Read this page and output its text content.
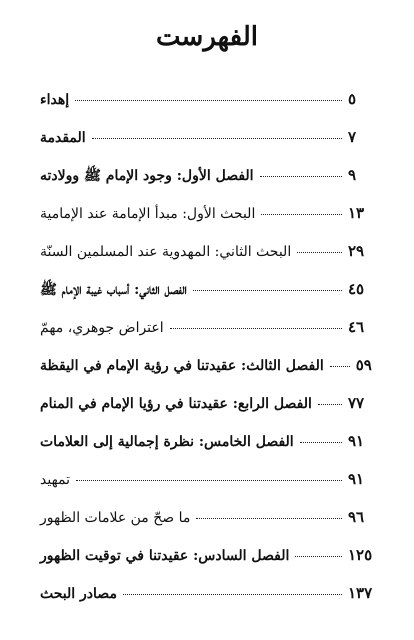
الفهرست
إهداء	٥
المقدمة	٧
الفصل الأول: وجود الإمام ﷺ وولادته	٩
البحث الأول: مبدأ الإمامة عند الإمامية	١٣
البحث الثاني: المهدوية عند المسلمين السنّة	٢٩
الفصل الثاني: أسباب غيبة الإمام ﷺ	٤٥
اعتراض جوهري، مهمّ	٤٦
الفصل الثالث: عقيدتنا في رؤية الإمام في اليقظة ٥٩
الفصل الرابع: عقيدتنا في رؤيا الإمام في المنام ٧٧
الفصل الخامس: نظرة إجمالية إلى العلامات	٩١
تمهيد	٩١
ما صحّ من علامات الظهور	٩٦
الفصل السادس: عقيدتنا في توقيت الظهور	١٢٥
مصادر البحث	١٣٧
